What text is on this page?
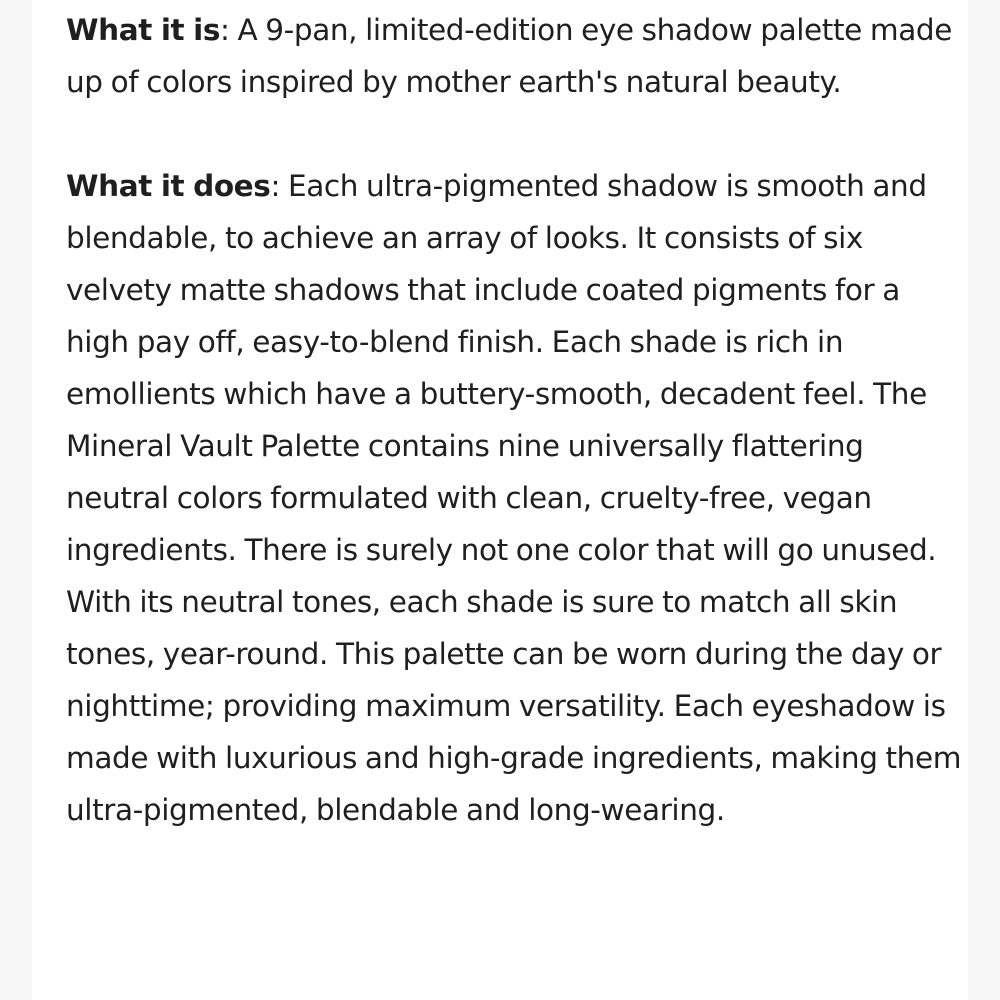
What it is: A 9-pan, limited-edition eye shadow palette made up of colors inspired by mother earth's natural beauty.

What it does: Each ultra-pigmented shadow is smooth and blendable, to achieve an array of looks. It consists of six velvety matte shadows that include coated pigments for a high pay off, easy-to-blend finish. Each shade is rich in emollients which have a buttery-smooth, decadent feel. The Mineral Vault Palette contains nine universally flattering neutral colors formulated with clean, cruelty-free, vegan ingredients. There is surely not one color that will go unused. With its neutral tones, each shade is sure to match all skin tones, year-round. This palette can be worn during the day or nighttime; providing maximum versatility. Each eyeshadow is made with luxurious and high-grade ingredients, making them ultra-pigmented, blendable and long-wearing.
